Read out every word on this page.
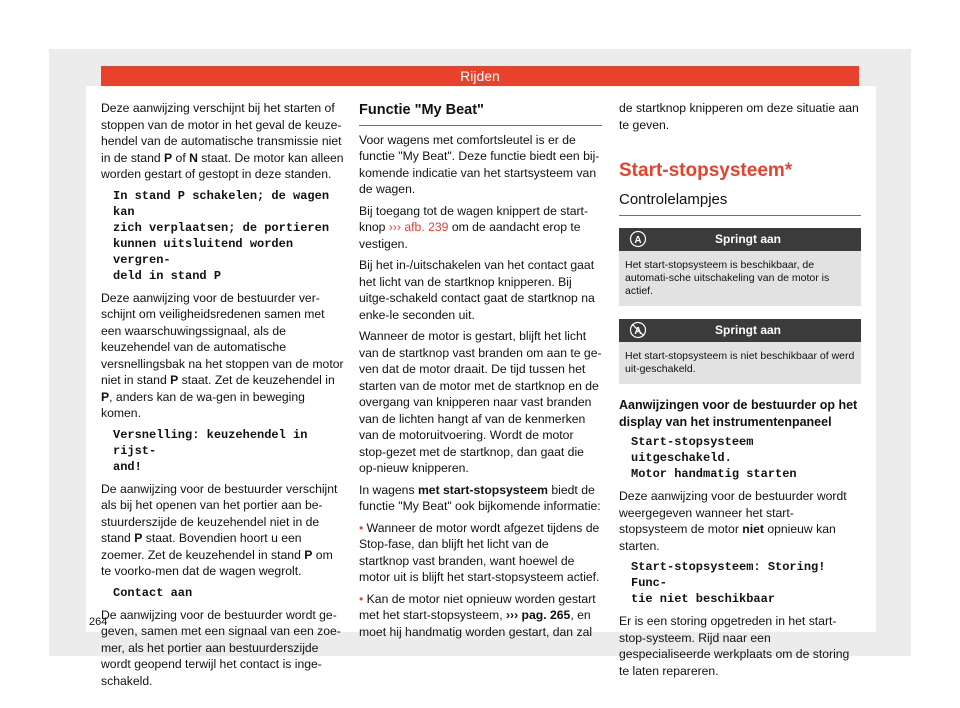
Rijden

Deze aanwijzing verschijnt bij het starten of stoppen van de motor in het geval de keuze-hendel van de automatische transmissie niet in de stand P of N staat. De motor kan alleen worden gestart of gestopt in deze standen.

In stand P schakelen; de wagen kan
zich verplaatsen; de portieren
kunnen uitsluitend worden vergren-
deld in stand P

Deze aanwijzing voor de bestuurder ver-schijnt om veiligheidsredenen samen met een waarschuwingssignaal, als de keuzehendel van de automatische versnellingsbak na het stoppen van de motor niet in stand P staat. Zet de keuzehendel in P, anders kan de wa-gen in beweging komen.

Versnelling: keuzehendel in rijst-
and!

De aanwijzing voor de bestuurder verschijnt als bij het openen van het portier aan be-stuurderszijde de keuzehendel niet in de stand P staat. Bovendien hoort u een zoemer. Zet de keuzehendel in stand P om te voorko-men dat de wagen wegrolt.

Contact aan

De aanwijzing voor de bestuurder wordt ge-geven, samen met een signaal van een zoe-mer, als het portier aan bestuurderszijde wordt geopend terwijl het contact is inge-schakeld.

Functie "My Beat"

Voor wagens met comfortsleutel is er de functie "My Beat". Deze functie biedt een bij-komende indicatie van het startsysteem van de wagen.

Bij toegang tot de wagen knippert de start-knop ››› afb. 239 om de aandacht erop te vestigen.

Bij het in-/uitschakelen van het contact gaat het licht van de startknop knipperen. Bij uitge-schakeld contact gaat de startknop na enke-le seconden uit.

Wanneer de motor is gestart, blijft het licht van de startknop vast branden om aan te ge-ven dat de motor draait. De tijd tussen het starten van de motor met de startknop en de overgang van knipperen naar vast branden van de lichten hangt af van de kenmerken van de motoruitvoering. Wordt de motor stop-gezet met de startknop, dan gaat die op-nieuw knipperen.

In wagens met start-stopsysteem biedt de functie "My Beat" ook bijkomende informatie:

• Wanneer de motor wordt afgezet tijdens de Stop-fase, dan blijft het licht van de startknop vast branden, want hoewel de motor uit is blijft het start-stopsysteem actief.

• Kan de motor niet opnieuw worden gestart met het start-stopsysteem, ››› pag. 265, en moet hij handmatig worden gestart, dan zal

de startknop knipperen om deze situatie aan te geven.

Start-stopsysteem*
Controlelampjes
A	Springt aan
Het start-stopsysteem is beschikbaar, de automati-sche uitschakeling van de motor is actief.
A	Springt aan
Het start-stopsysteem is niet beschikbaar of werd uit-geschakeld.
Aanwijzingen voor de bestuurder op het display van het instrumentenpaneel
Start-stopsysteem uitgeschakeld.
Motor handmatig starten

Deze aanwijzing voor de bestuurder wordt weergegeven wanneer het start-stopsysteem de motor niet opnieuw kan starten.

Start-stopsysteem: Storing! Func-
tie niet beschikbaar

Er is een storing opgetreden in het start-stop-systeem. Rijd naar een gespecialiseerde werkplaats om de storing te laten repareren.

264
